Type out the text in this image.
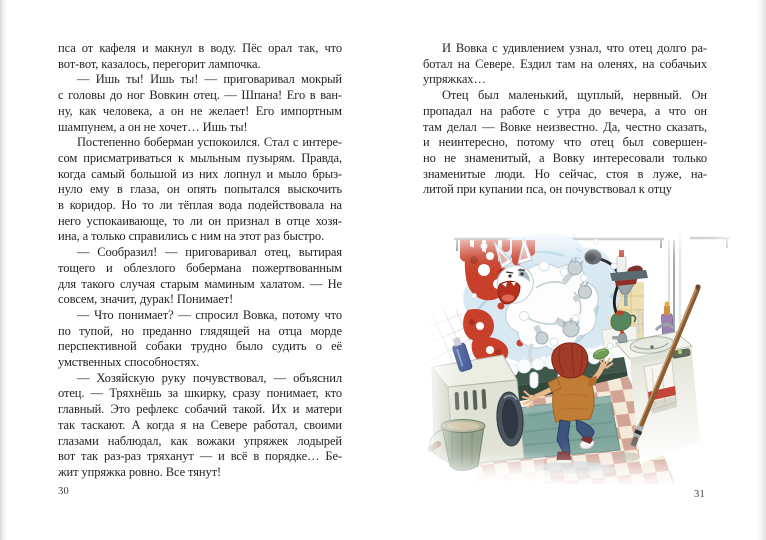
пса от кафеля и макнул в воду. Пёс орал так, что
вот-вот, казалось, перегорит лампочка.
— Ишь ты! Ишь ты! — приговаривал мокрый
с головы до ног Вовкин отец. — Шпана! Его в ван-
ну, как человека, а он не желает! Его импортным
шампунем, а он не хочет… Ишь ты!
Постепенно боберман успокоился. Стал с интере-
сом присматриваться к мыльным пузырям. Правда,
когда самый большой из них лопнул и мыло брыз-
нуло ему в глаза, он опять попытался выскочить
в коридор. Но то ли тёплая вода подействовала на
него успокаивающе, то ли он признал в отце хозя-
ина, а только справились с ним на этот раз быстро.
— Сообразил! — приговаривал отец, вытирая
тощего и облезлого бобермана пожертвованным
для такого случая старым маминым халатом. — Не
совсем, значит, дурак! Понимает!
— Что понимает? — спросил Вовка, потому что
по тупой, но преданно глядящей на отца морде
перспективной собаки трудно было судить о её
умственных способностях.
— Хозяйскую руку почувствовал, — объяснил
отец. — Тряхнёшь за шкирку, сразу понимает, кто
главный. Это рефлекс собачий такой. Их и матери
так таскают. А когда я на Севере работал, своими
глазами наблюдал, как вожаки упряжек лодырей
вот так раз-раз тряханут — и всё в порядке… Бе-
жит упряжка ровно. Все тянут!
И Вовка с удивлением узнал, что отец долго ра-
ботал на Севере. Ездил там на оленях, на собачьих
упряжках…
Отец был маленький, щуплый, нервный. Он
пропадал на работе с утра до вечера, а что он
там делал — Вовке неизвестно. Да, честно сказать,
и неинтересно, потому что отец был совершен-
но не знаменитый, а Вовку интересовали только
знаменитые люди. Но сейчас, стоя в луже, на-
литой при купании пса, он почувствовал к отцу
30	31
